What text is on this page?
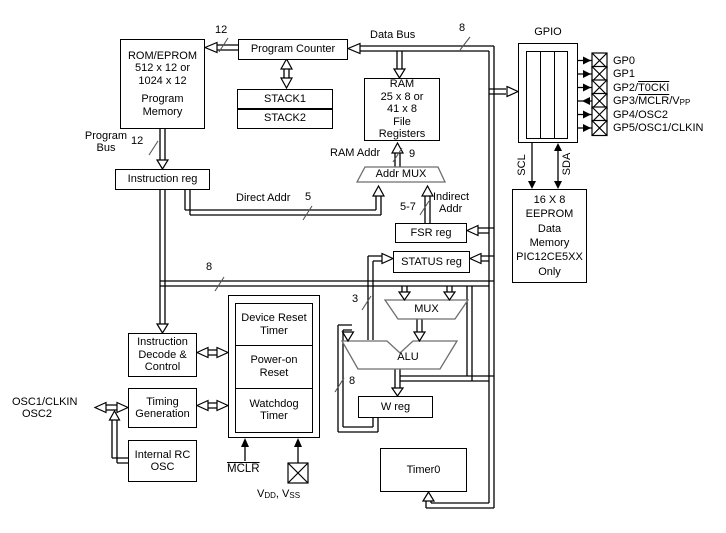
ROM/EPROM
512 x 12 or
1024 x 12
Program
Memory
Program Counter
STACK1
STACK2
RAM
25 x 8 or
41 x 8
File
Registers
Instruction reg
FSR reg
STATUS reg
Instruction
Decode &
Control
Timing
Generation
Internal RC
OSC
Device Reset
Timer
Power-on
Reset
Watchdog
Timer
W reg
Timer0
GPIO
16 X 8
EEPROM
Data
Memory
PIC12CE5XX
Only
Addr MUX
MUX
ALU
Data Bus
8
12
Program
Bus
12
8
Direct Addr 5
RAM Addr	9
Indirect
Addr
5-7
3
8
GP0
GP1
GP2/T0CKI
GP3/MCLR/VPP
GP4/OSC2
GP5/OSC1/CLKIN
SCL	SDA
OSC1/CLKIN
OSC2
MCLR
VDD, VSS
